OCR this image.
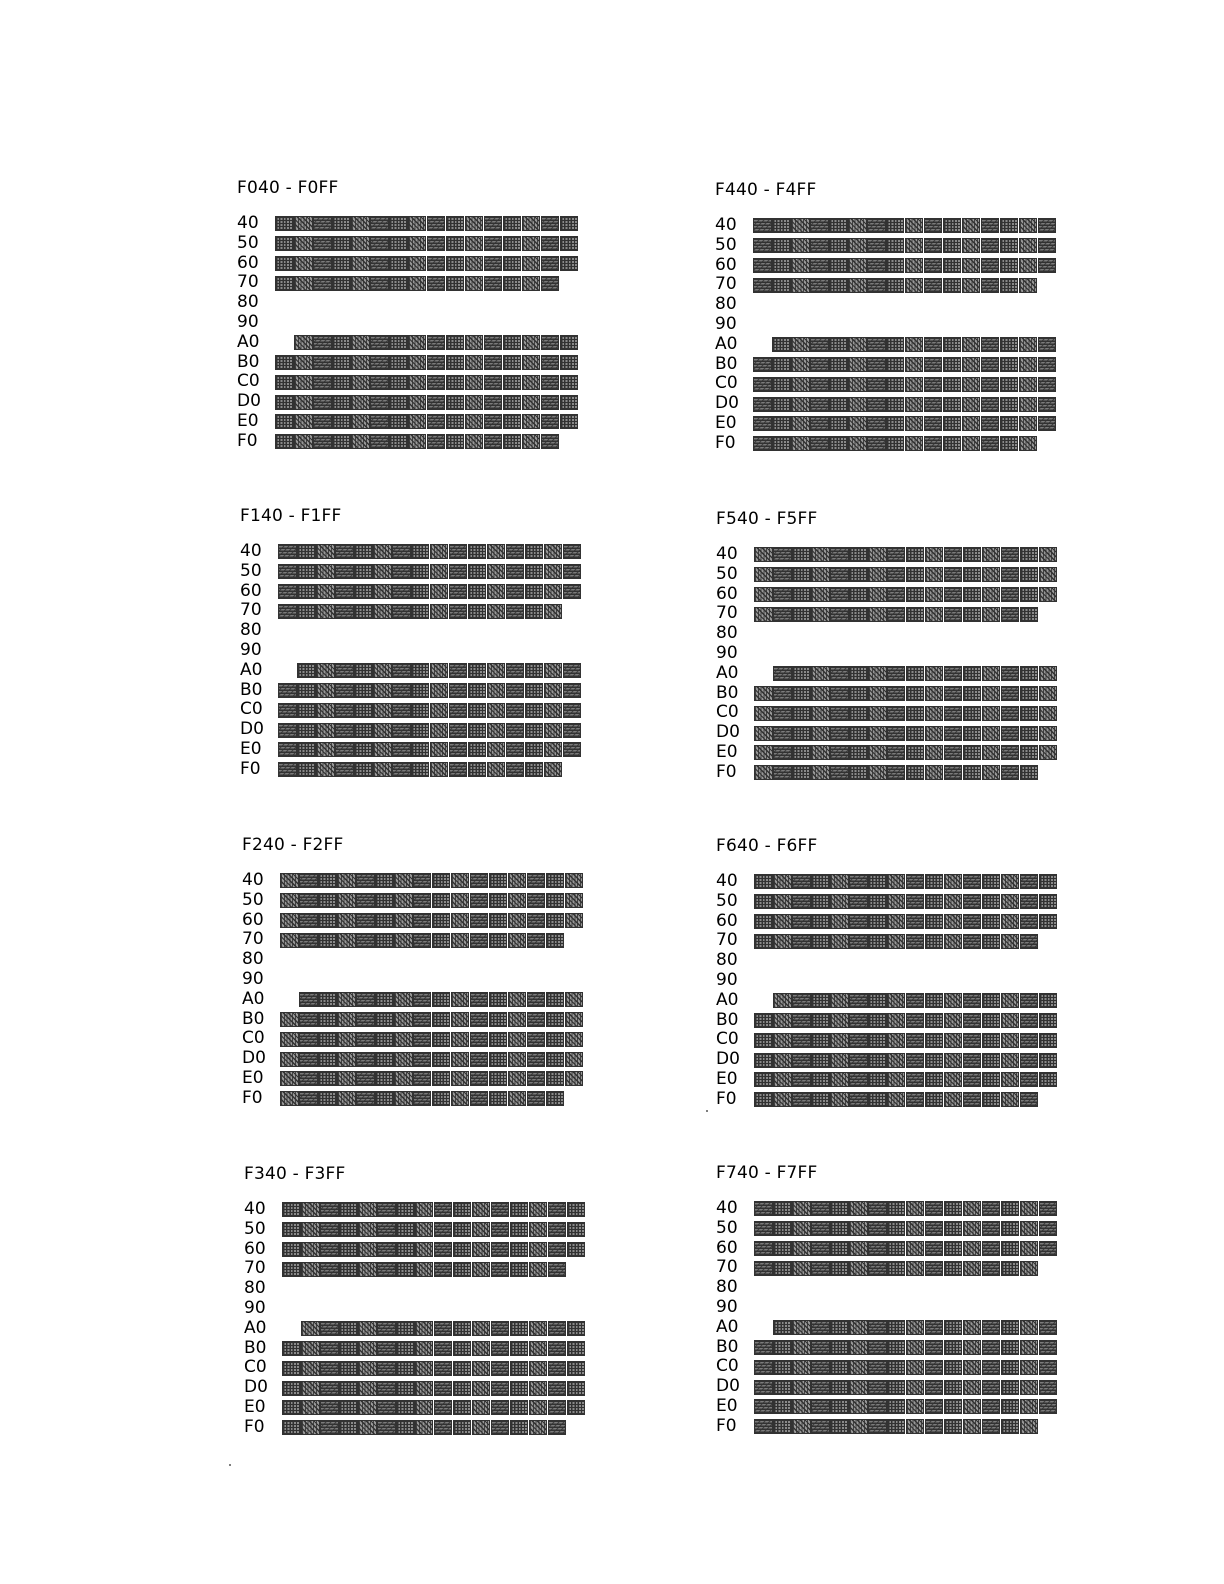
F040 - F0FF
40
50
60
70
80
90
A0
B0
C0
D0
E0
F0
F140 - F1FF
40
50
60
70
80
90
A0
B0
C0
D0
E0
F0
F240 - F2FF
40
50
60
70
80
90
A0
B0
C0
D0
E0
F0
F340 - F3FF
40
50
60
70
80
90
A0
B0
C0
D0
E0
F0
F440 - F4FF
40
50
60
70
80
90
A0
B0
C0
D0
E0
F0
F540 - F5FF
40
50
60
70
80
90
A0
B0
C0
D0
E0
F0
F640 - F6FF
40
50
60
70
80
90
A0
B0
C0
D0
E0
F0
F740 - F7FF
40
50
60
70
80
90
A0
B0
C0
D0
E0
F0
